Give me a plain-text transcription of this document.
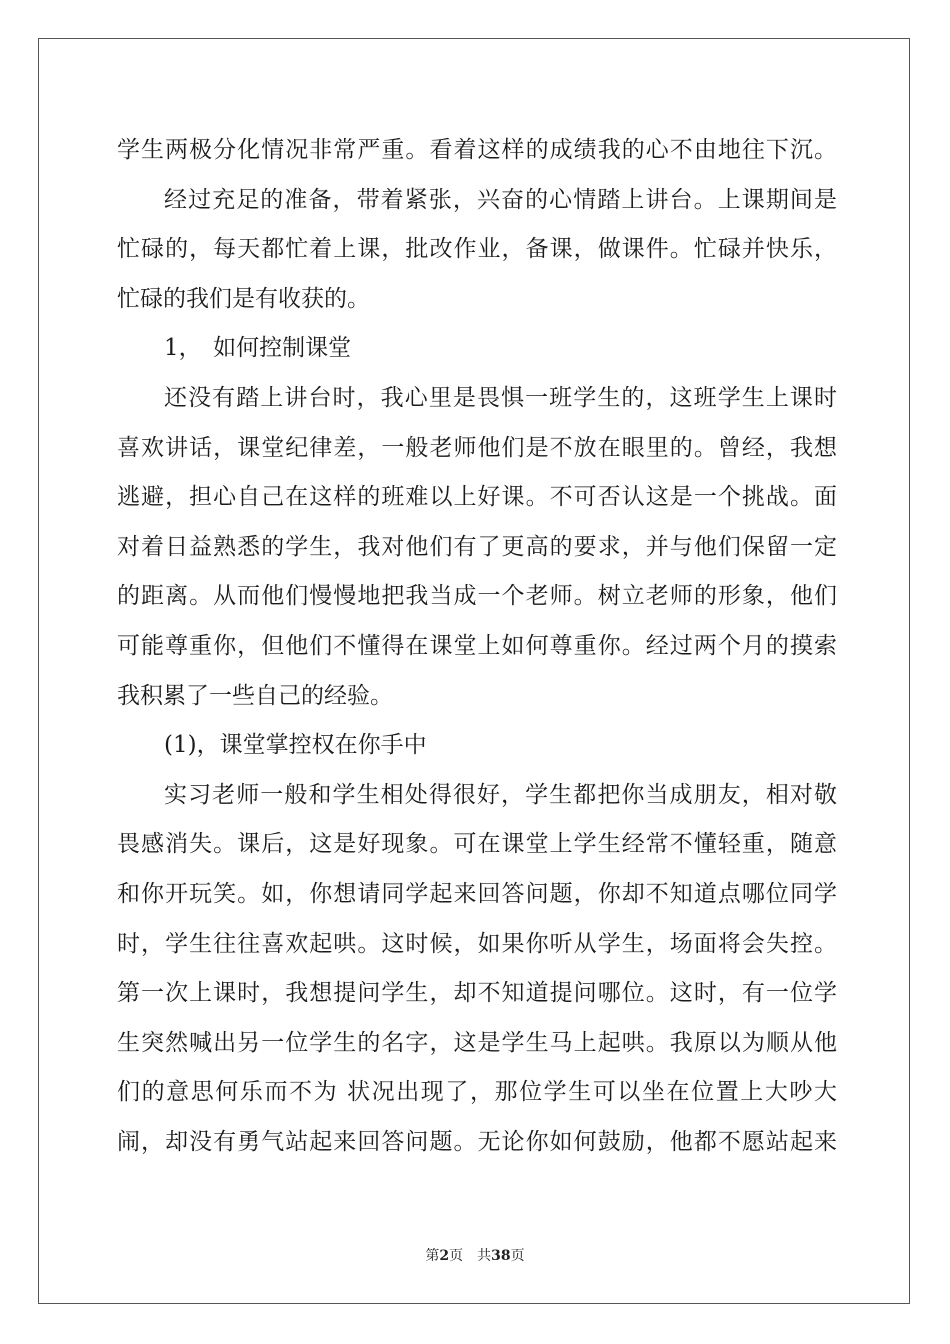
学生两极分化情况非常严重。看着这样的成绩我的心不由地往下沉。
经过充足的准备，带着紧张，兴奋的心情踏上讲台。上课期间是
忙碌的，每天都忙着上课，批改作业，备课，做课件。忙碌并快乐，
忙碌的我们是有收获的。
1，　如何控制课堂
还没有踏上讲台时，我心里是畏惧一班学生的，这班学生上课时
喜欢讲话，课堂纪律差，一般老师他们是不放在眼里的。曾经，我想
逃避，担心自己在这样的班难以上好课。不可否认这是一个挑战。面
对着日益熟悉的学生，我对他们有了更高的要求，并与他们保留一定
的距离。从而他们慢慢地把我当成一个老师。树立老师的形象，他们
可能尊重你，但他们不懂得在课堂上如何尊重你。经过两个月的摸索
我积累了一些自己的经验。
(1)，课堂掌控权在你手中
实习老师一般和学生相处得很好，学生都把你当成朋友，相对敬
畏感消失。课后，这是好现象。可在课堂上学生经常不懂轻重，随意
和你开玩笑。如，你想请同学起来回答问题，你却不知道点哪位同学
时，学生往往喜欢起哄。这时候，如果你听从学生，场面将会失控。
第一次上课时，我想提问学生，却不知道提问哪位。这时，有一位学
生突然喊出另一位学生的名字，这是学生马上起哄。我原以为顺从他
们的意思何乐而不为 状况出现了，那位学生可以坐在位置上大吵大
闹，却没有勇气站起来回答问题。无论你如何鼓励，他都不愿站起来
第2页 共38页
